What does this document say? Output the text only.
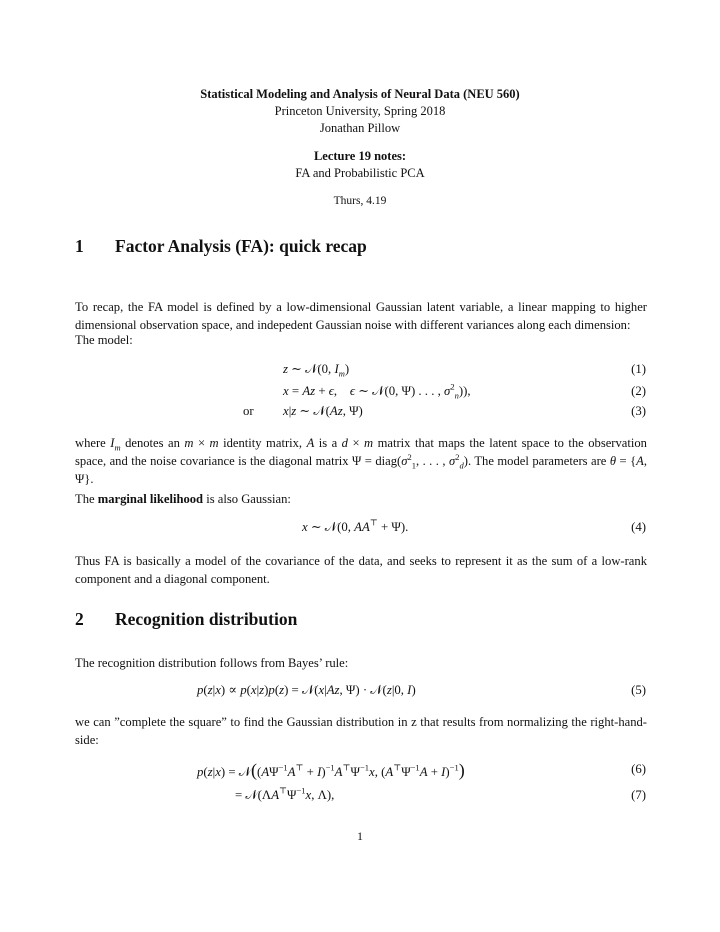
Statistical Modeling and Analysis of Neural Data (NEU 560)
Princeton University, Spring 2018
Jonathan Pillow
Lecture 19 notes:
FA and Probabilistic PCA
Thurs, 4.19
1 Factor Analysis (FA): quick recap
To recap, the FA model is defined by a low-dimensional Gaussian latent variable, a linear mapping to higher dimensional observation space, and indepedent Gaussian noise with different variances along each dimension:
The model:
z ∼ 𝒩(0, $I_m$)	(1)
x = Az + ϵ,    ϵ ∼ 𝒩(0, Ψ) . . . , $\sigma^2_n$)),	(2)
or x|z ∼ 𝒩(Az, Ψ)	(3)
where $I_m$ denotes an m × m identity matrix, A is a d × m matrix that maps the latent space to the observation space, and the noise covariance is the diagonal matrix $\Psi = diag(\sigma^2_1$, . . . , $\sigma^2_d$). The model parameters are θ = {A, Ψ}.
The marginal likelihood is also Gaussian:
x ∼ 𝒩(0, AA⊤ + Ψ).	(4)
Thus FA is basically a model of the covariance of the data, and seeks to represent it as the sum of a low-rank component and a diagonal component.
2 Recognition distribution
The recognition distribution follows from Bayes’ rule:
p(z|x) ∝ p(x|z)p(z) = 𝒩(x|Az, Ψ) · 𝒩(z|0, I)	(5)
we can ”complete the square” to find the Gaussian distribution in z that results from normalizing the right-hand-side:
$p(z|x) = 𝒩((A\Psi^{-1}A^⊤ + I)^{-1}A^⊤\Psi^{-1}x$, $(A^⊤\Psi^{-1}A + I)^{-1}$)	(6)
= $𝒩(\Lambda A^⊤\Psi^{-1}x$, Λ),	(7)
1
